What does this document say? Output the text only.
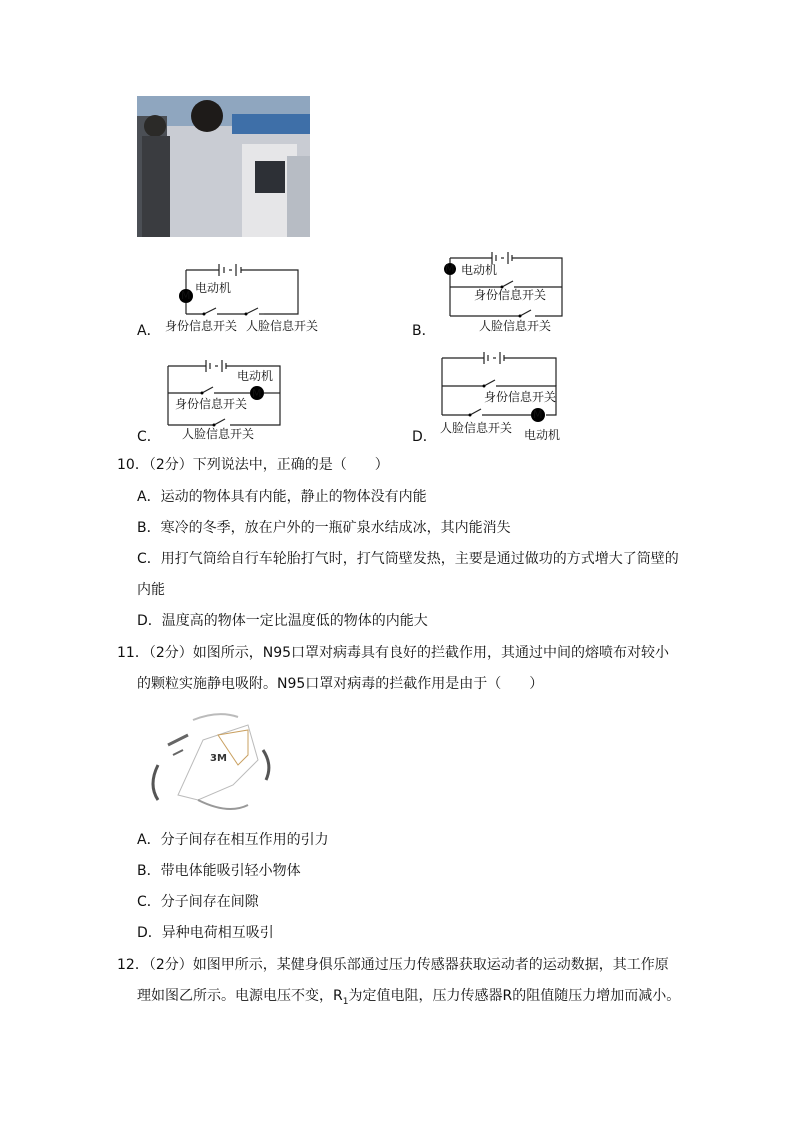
M
电动机
身份信息开关 人脸信息开关
A．
M 电动机
身份信息开关
人脸信息开关
B．
M
电动机
身份信息开关
人脸信息开关
C．
M
电动机
身份信息开关
人脸信息开关
D．
10．（2分）下列说法中，正确的是（　　）
A．运动的物体具有内能，静止的物体没有内能
B．寒冷的冬季，放在户外的一瓶矿泉水结成冰，其内能消失
C．用打气筒给自行车轮胎打气时，打气筒壁发热，主要是通过做功的方式增大了筒壁的
内能
D．温度高的物体一定比温度低的物体的内能大
11．（2分）如图所示，N95口罩对病毒具有良好的拦截作用，其通过中间的熔喷布对较小
的颗粒实施静电吸附。N95口罩对病毒的拦截作用是由于（　　）
3M
A．分子间存在相互作用的引力
B．带电体能吸引轻小物体
C．分子间存在间隙
D．异种电荷相互吸引
12．（2分）如图甲所示，某健身俱乐部通过压力传感器获取运动者的运动数据，其工作原
理如图乙所示。电源电压不变，$R_1$为定值电阻，压力传感器R的阻值随压力增加而减小。
